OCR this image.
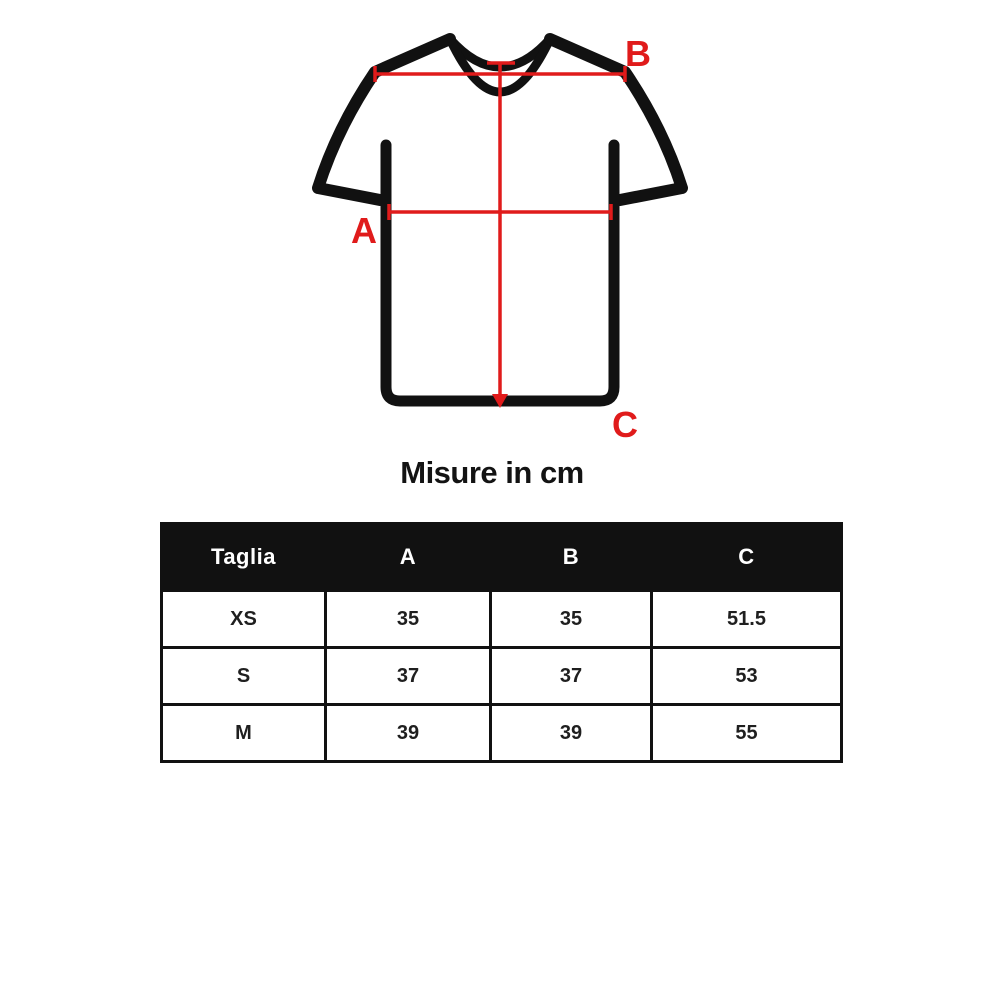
A
B
C
Misure in cm
Taglia	A	B	C
XS	35	35	51.5
S	37	37	53
M	39	39	55
